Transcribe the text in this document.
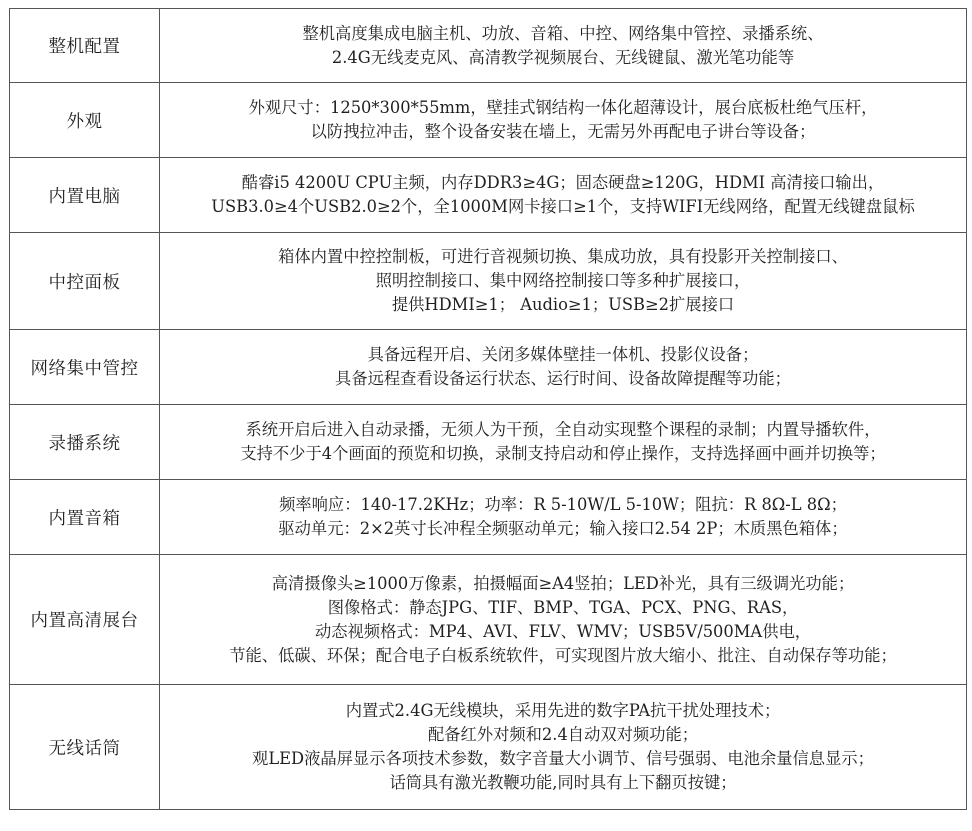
整机配置	整机高度集成电脑主机、功放、音箱、中控、网络集中管控、录播系统、
2.4G无线麦克风、高清教学视频展台、无线键鼠、激光笔功能等

外观	外观尺寸：1250*300*55mm，壁挂式钢结构一体化超薄设计，展台底板杜绝气压杆，
以防拽拉冲击，整个设备安装在墙上，无需另外再配电子讲台等设备；

内置电脑	酷睿i5 4200U CPU主频，内存DDR3≥4G；固态硬盘≥120G，HDMI 高清接口输出，
USB3.0≥4个USB2.0≥2个，全1000M网卡接口≥1个，支持WIFI无线网络，配置无线键盘鼠标

中控面板	箱体内置中控控制板，可进行音视频切换、集成功放，具有投影开关控制接口、
照明控制接口、集中网络控制接口等多种扩展接口，
提供HDMI≥1； Audio≥1；USB≥2扩展接口

网络集中管控	具备远程开启、关闭多媒体壁挂一体机、投影仪设备；
具备远程查看设备运行状态、运行时间、设备故障提醒等功能；

录播系统	系统开启后进入自动录播，无须人为干预，全自动实现整个课程的录制；内置导播软件，
支持不少于4个画面的预览和切换，录制支持启动和停止操作，支持选择画中画并切换等；

内置音箱	频率响应：140-17.2KHz；功率：R 5-10W/L 5-10W；阻抗：R 8Ω-L 8Ω；
驱动单元：2×2英寸长冲程全频驱动单元；输入接口2.54 2P；木质黑色箱体；

内置高清展台	高清摄像头≥1000万像素，拍摄幅面≥A4竖拍；LED补光，具有三级调光功能；
图像格式：静态JPG、TIF、BMP、TGA、PCX、PNG、RAS，
动态视频格式：MP4、AVI、FLV、WMV；USB5V/500MA供电，
节能、低碳、环保；配合电子白板系统软件，可实现图片放大缩小、批注、自动保存等功能；

无线话筒	内置式2.4G无线模块，采用先进的数字PA抗干扰处理技术；
配备红外对频和2.4自动双对频功能；
观LED液晶屏显示各项技术参数，数字音量大小调节、信号强弱、电池余量信息显示；
话筒具有激光教鞭功能,同时具有上下翻页按键；
